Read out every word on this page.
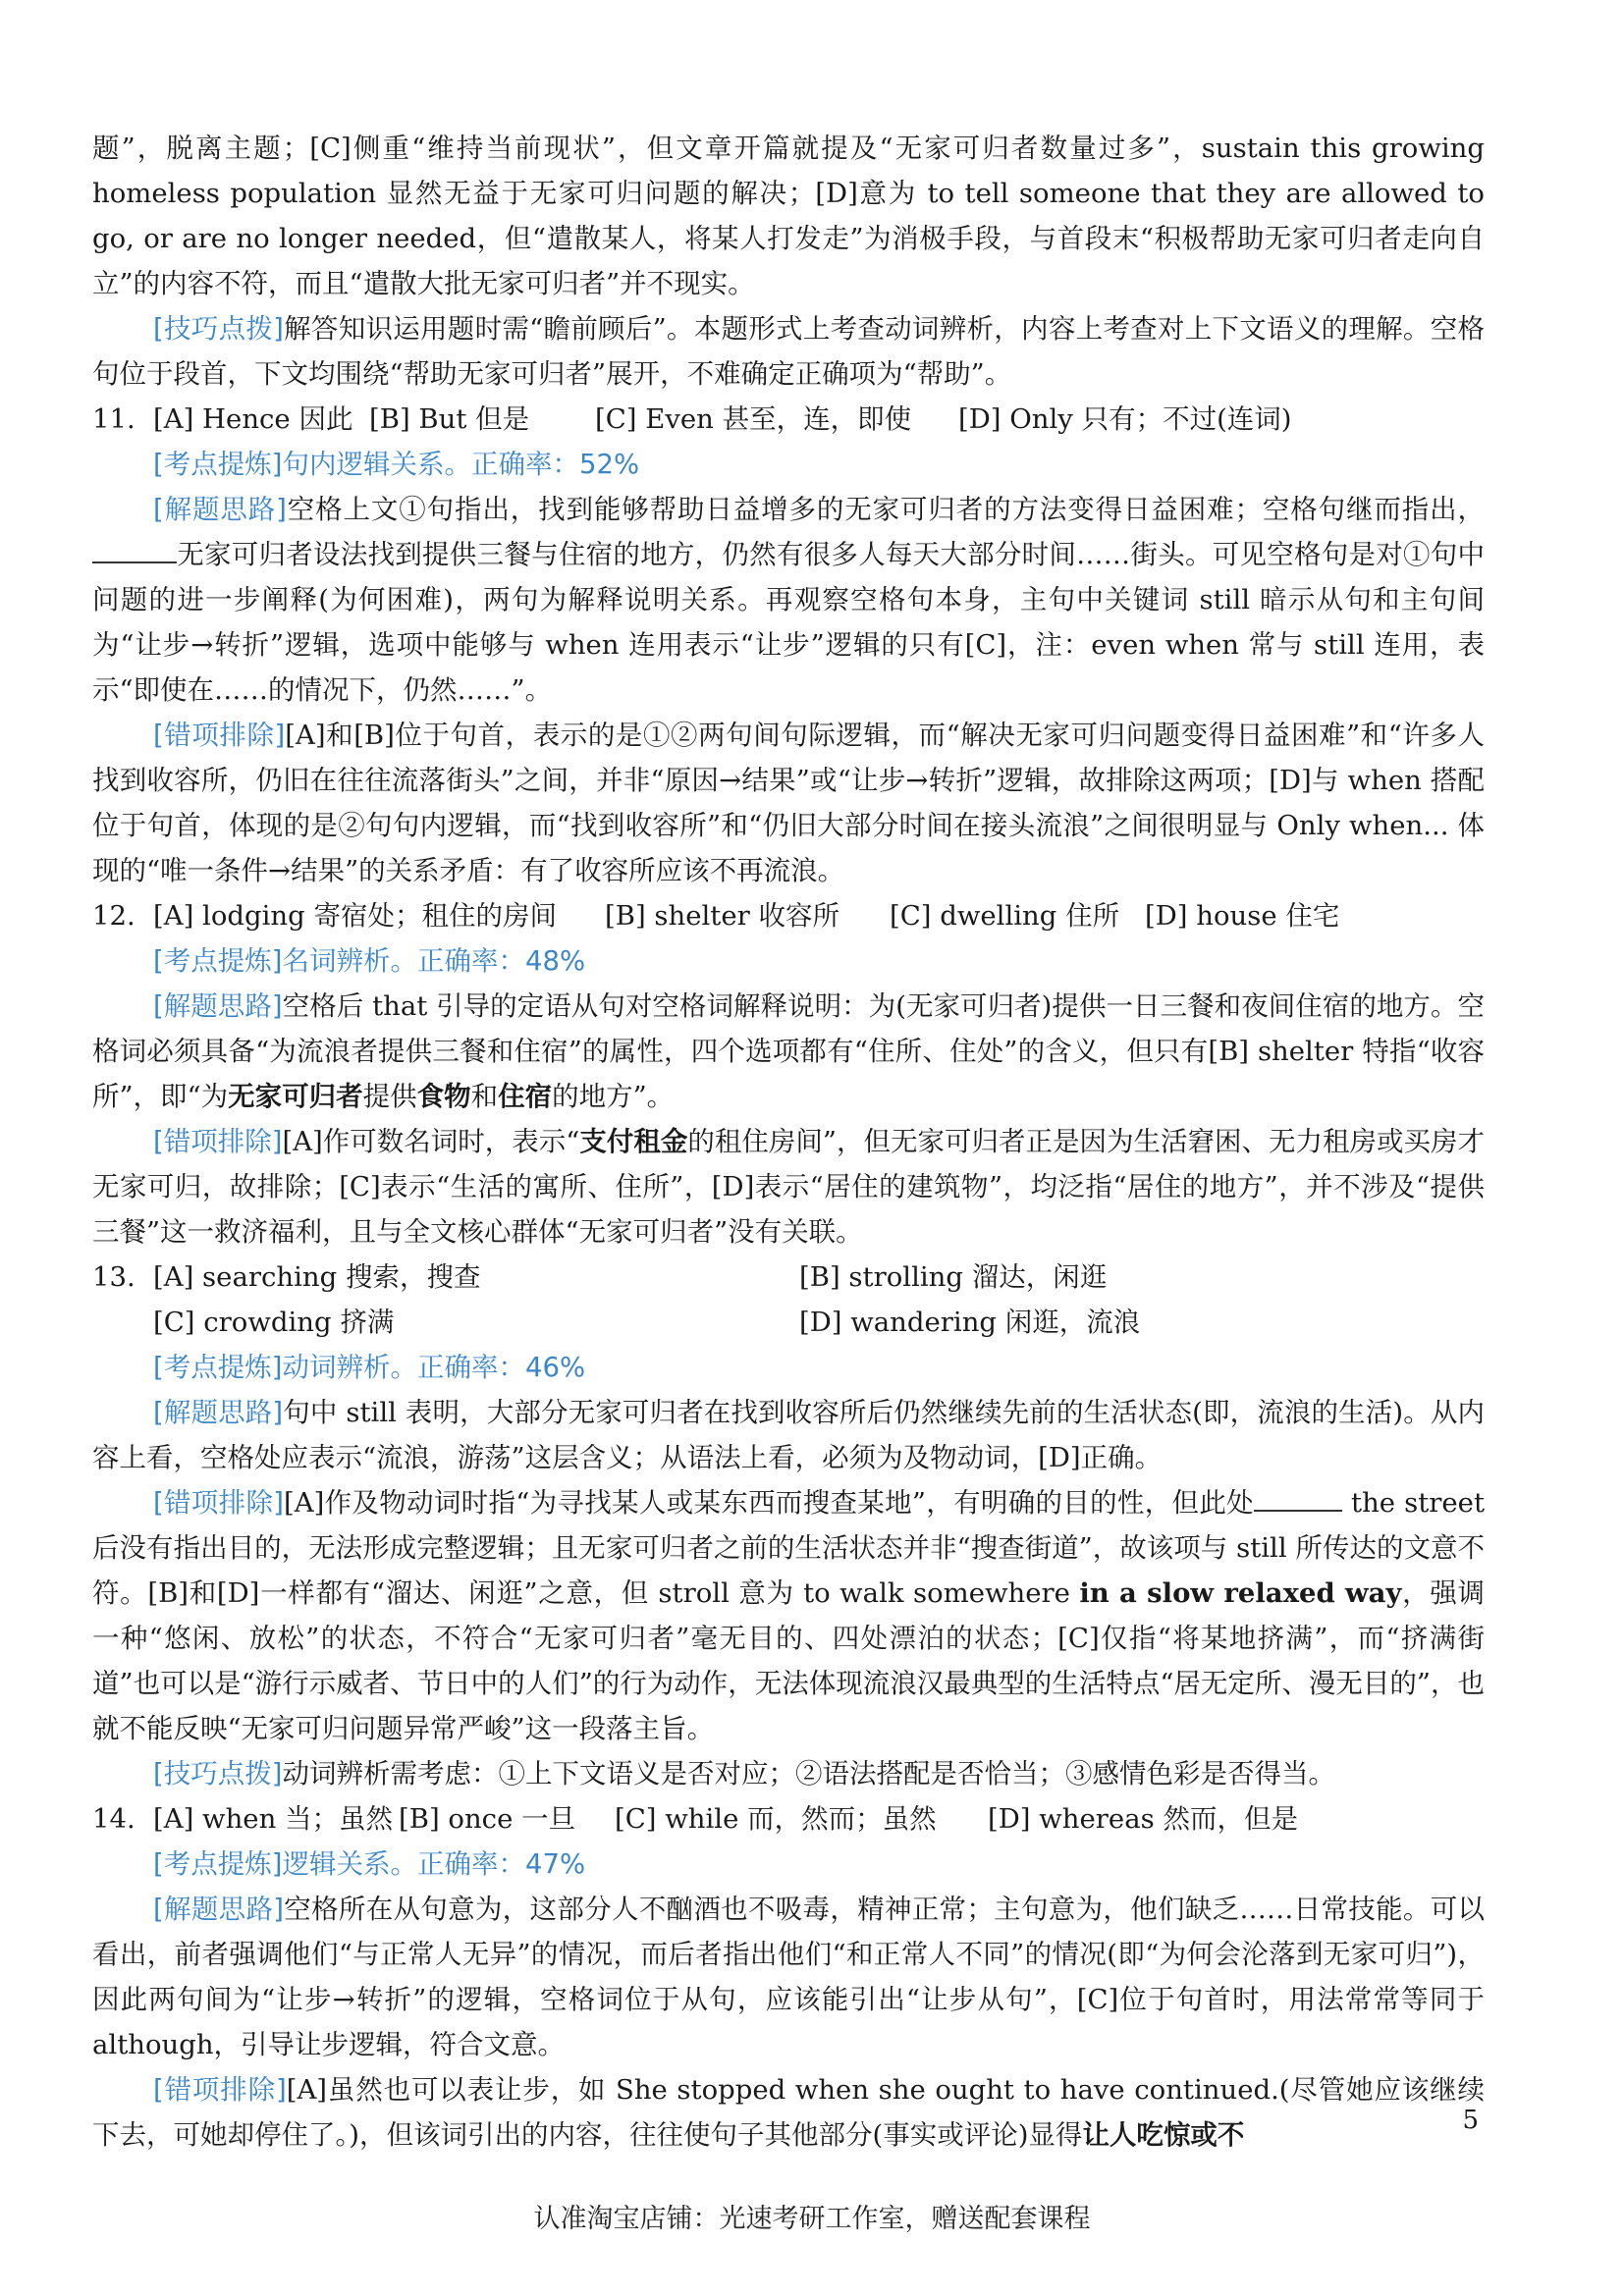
题”，脱离主题；[C]侧重“维持当前现状”，但文章开篇就提及“无家可归者数量过多”，sustain this growing homeless population 显然无益于无家可归问题的解决；[D]意为 to tell someone that they are allowed to go, or are no longer needed，但“遣散某人，将某人打发走”为消极手段，与首段末“积极帮助无家可归者走向自立”的内容不符，而且“遣散大批无家可归者”并不现实。

[技巧点拨]解答知识运用题时需“瞻前顾后”。本题形式上考查动词辨析，内容上考查对上下文语义的理解。空格句位于段首，下文均围绕“帮助无家可归者”展开，不难确定正确项为“帮助”。

11. [A] Hence 因此 [B] But 但是	[C] Even 甚至，连，即使	[D] Only 只有；不过(连词)

[考点提炼]句内逻辑关系。正确率：52%

[解题思路]空格上文①句指出，找到能够帮助日益增多的无家可归者的方法变得日益困难；空格句继而指出，无家可归者设法找到提供三餐与住宿的地方，仍然有很多人每天大部分时间……街头。可见空格句是对①句中问题的进一步阐释(为何困难)，两句为解释说明关系。再观察空格句本身，主句中关键词 still 暗示从句和主句间为“让步→转折”逻辑，选项中能够与 when 连用表示“让步”逻辑的只有[C]，注：even when 常与 still 连用，表示“即使在……的情况下，仍然……”。

[错项排除][A]和[B]位于句首，表示的是①②两句间句际逻辑，而“解决无家可归问题变得日益困难”和“许多人找到收容所，仍旧在往往流落街头”之间，并非“原因→结果”或“让步→转折”逻辑，故排除这两项；[D]与 when 搭配位于句首，体现的是②句句内逻辑，而“找到收容所”和“仍旧大部分时间在接头流浪”之间很明显与 Only when... 体现的“唯一条件→结果”的关系矛盾：有了收容所应该不再流浪。

12. [A] lodging 寄宿处；租住的房间	[B] shelter 收容所	[C] dwelling 住所 [D] house 住宅

[考点提炼]名词辨析。正确率：48%

[解题思路]空格后 that 引导的定语从句对空格词解释说明：为(无家可归者)提供一日三餐和夜间住宿的地方。空格词必须具备“为流浪者提供三餐和住宿”的属性，四个选项都有“住所、住处”的含义，但只有[B] shelter 特指“收容所”，即“为无家可归者提供食物和住宿的地方”。

[错项排除][A]作可数名词时，表示“支付租金的租住房间”，但无家可归者正是因为生活窘困、无力租房或买房才无家可归，故排除；[C]表示“生活的寓所、住所”，[D]表示“居住的建筑物”，均泛指“居住的地方”，并不涉及“提供三餐”这一救济福利，且与全文核心群体“无家可归者”没有关联。

13. [A] searching 搜索，搜查	[B] strolling 溜达，闲逛
[C] crowding 挤满	[D] wandering 闲逛，流浪

[考点提炼]动词辨析。正确率：46%

[解题思路]句中 still 表明，大部分无家可归者在找到收容所后仍然继续先前的生活状态(即，流浪的生活)。从内容上看，空格处应表示“流浪，游荡”这层含义；从语法上看，必须为及物动词，[D]正确。

[错项排除][A]作及物动词时指“为寻找某人或某东西而搜查某地”，有明确的目的性，但此处	the street 后没有指出目的，无法形成完整逻辑；且无家可归者之前的生活状态并非“搜查街道”，故该项与 still 所传达的文意不符。[B]和[D]一样都有“溜达、闲逛”之意，但 stroll 意为 to walk somewhere in a slow relaxed way，强调一种“悠闲、放松”的状态，不符合“无家可归者”毫无目的、四处漂泊的状态；[C]仅指“将某地挤满”，而“挤满街道”也可以是“游行示威者、节日中的人们”的行为动作，无法体现流浪汉最典型的生活特点“居无定所、漫无目的”，也就不能反映“无家可归问题异常严峻”这一段落主旨。

[技巧点拨]动词辨析需考虑：①上下文语义是否对应；②语法搭配是否恰当；③感情色彩是否得当。

14. [A] when 当；虽然 [B] once 一旦	[C] while 而，然而；虽然	[D] whereas 然而，但是

[考点提炼]逻辑关系。正确率：47%

[解题思路]空格所在从句意为，这部分人不酗酒也不吸毒，精神正常；主句意为，他们缺乏……日常技能。可以看出，前者强调他们“与正常人无异”的情况，而后者指出他们“和正常人不同”的情况(即“为何会沦落到无家可归”)，因此两句间为“让步→转折”的逻辑，空格词位于从句，应该能引出“让步从句”，[C]位于句首时，用法常常等同于 although，引导让步逻辑，符合文意。

[错项排除][A]虽然也可以表让步，如 She stopped when she ought to have continued.(尽管她应该继续下去，可她却停住了。)，但该词引出的内容，往往使句子其他部分(事实或评论)显得让人吃惊或不	5
认准淘宝店铺：光速考研工作室，赠送配套课程
